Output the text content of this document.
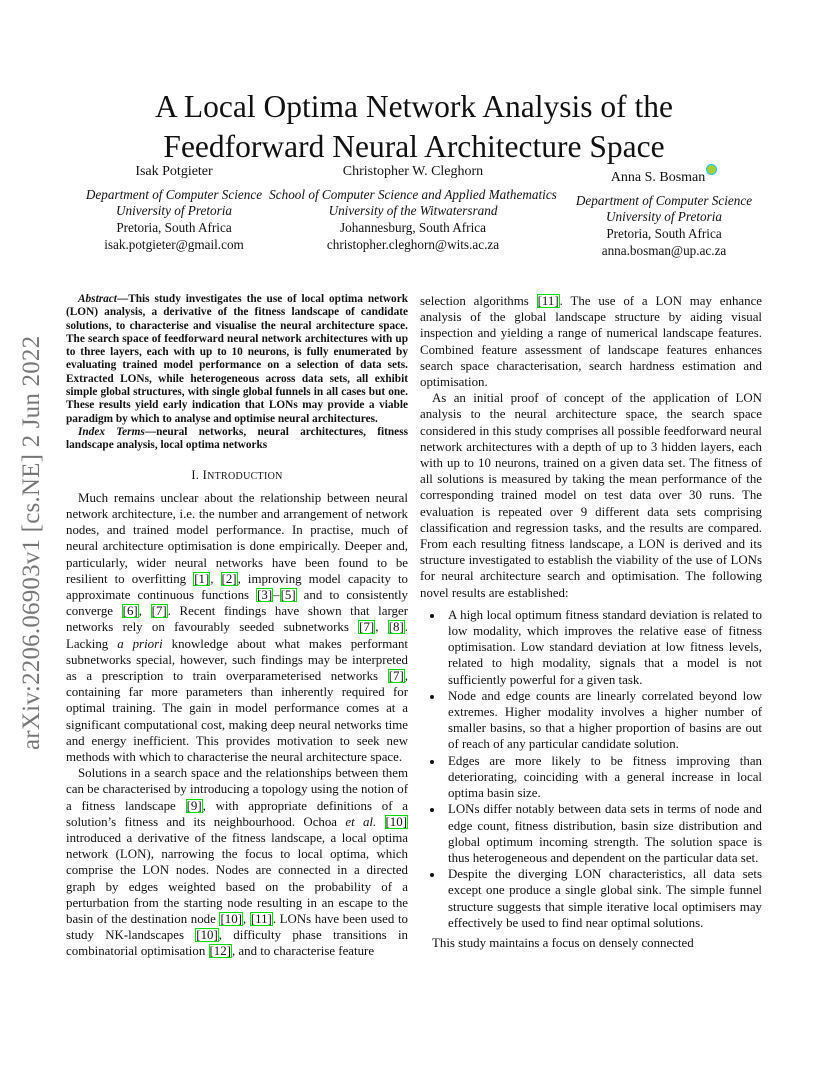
A Local Optima Network Analysis of the
Feedforward Neural Architecture Space
Isak Potgieter
Department of Computer Science
University of Pretoria
Pretoria, South Africa
isak.potgieter@gmail.com
Christopher W. Cleghorn
School of Computer Science and Applied Mathematics
University of the Witwatersrand
Johannesburg, South Africa
christopher.cleghorn@wits.ac.za
Anna S. Bosman
Department of Computer Science
University of Pretoria
Pretoria, South Africa
anna.bosman@up.ac.za
arXiv:2206.06903v1 [cs.NE] 2 Jun 2022

Abstract—This study investigates the use of local optima network (LON) analysis, a derivative of the fitness landscape of candidate solutions, to characterise and visualise the neural architecture space. The search space of feedforward neural network architectures with up to three layers, each with up to 10 neurons, is fully enumerated by evaluating trained model performance on a selection of data sets. Extracted LONs, while heterogeneous across data sets, all exhibit simple global structures, with single global funnels in all cases but one. These results yield early indication that LONs may provide a viable paradigm by which to analyse and optimise neural architectures.

Index Terms—neural networks, neural architectures, fitness landscape analysis, local optima networks

I. INTRODUCTION

Much remains unclear about the relationship between neural network architecture, i.e. the number and arrangement of network nodes, and trained model performance. In practise, much of neural architecture optimisation is done empirically. Deeper and, particularly, wider neural networks have been found to be resilient to overfitting [1], [2], improving model capacity to approximate continuous functions [3]–[5] and to consistently converge [6], [7]. Recent findings have shown that larger networks rely on favourably seeded subnetworks [7], [8]. Lacking a priori knowledge about what makes performant subnetworks special, however, such findings may be interpreted as a prescription to train overparameterised networks [7], containing far more parameters than inherently required for optimal training. The gain in model performance comes at a significant computational cost, making deep neural networks time and energy inefficient. This provides motivation to seek new methods with which to characterise the neural architecture space.

Solutions in a search space and the relationships between them can be characterised by introducing a topology using the notion of a fitness landscape [9], with appropriate definitions of a solution’s fitness and its neighbourhood. Ochoa et al. [10] introduced a derivative of the fitness landscape, a local optima network (LON), narrowing the focus to local optima, which comprise the LON nodes. Nodes are connected in a directed graph by edges weighted based on the probability of a perturbation from the starting node resulting in an escape to the basin of the destination node [10], [11]. LONs have been used to study NK-landscapes [10], difficulty phase transitions in combinatorial optimisation [12], and to characterise feature

selection algorithms [11]. The use of a LON may enhance analysis of the global landscape structure by aiding visual inspection and yielding a range of numerical landscape features. Combined feature assessment of landscape features enhances search space characterisation, search hardness estimation and optimisation.

As an initial proof of concept of the application of LON analysis to the neural architecture space, the search space considered in this study comprises all possible feedforward neural network architectures with a depth of up to 3 hidden layers, each with up to 10 neurons, trained on a given data set. The fitness of all solutions is measured by taking the mean performance of the corresponding trained model on test data over 30 runs. The evaluation is repeated over 9 different data sets comprising classification and regression tasks, and the results are compared. From each resulting fitness landscape, a LON is derived and its structure investigated to establish the viability of the use of LONs for neural architecture search and optimisation. The following novel results are established:

• A high local optimum fitness standard deviation is related to low modality, which improves the relative ease of fitness optimisation. Low standard deviation at low fitness levels, related to high modality, signals that a model is not sufficiently powerful for a given task.
• Node and edge counts are linearly correlated beyond low extremes. Higher modality involves a higher number of smaller basins, so that a higher proportion of basins are out of reach of any particular candidate solution.
• Edges are more likely to be fitness improving than deteriorating, coinciding with a general increase in local optima basin size.
• LONs differ notably between data sets in terms of node and edge count, fitness distribution, basin size distribution and global optimum incoming strength. The solution space is thus heterogeneous and dependent on the particular data set.
• Despite the diverging LON characteristics, all data sets except one produce a single global sink. The simple funnel structure suggests that simple iterative local optimisers may effectively be used to find near optimal solutions.

This study maintains a focus on densely connected
